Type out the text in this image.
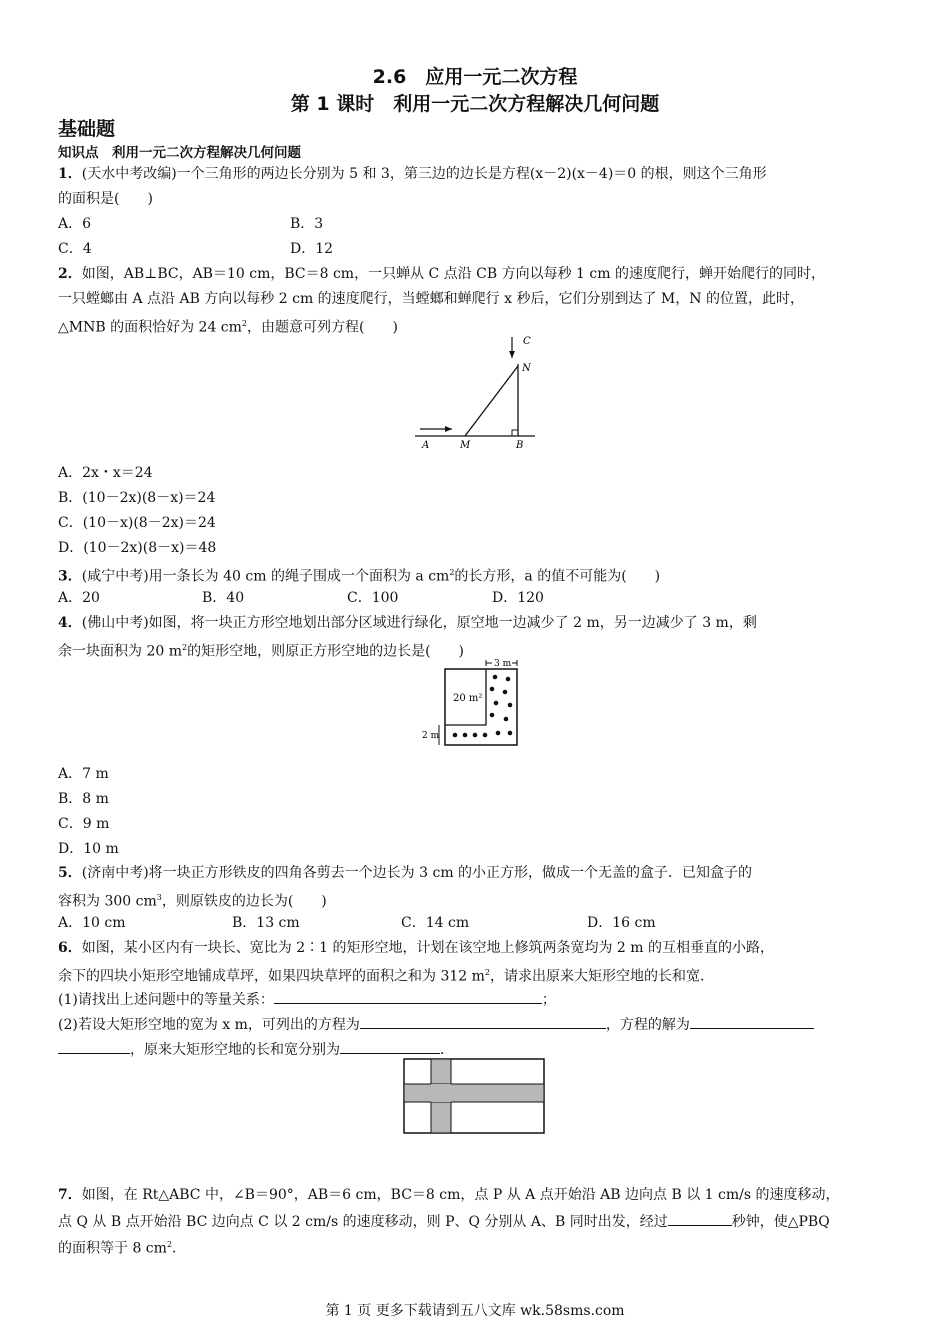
2.6　应用一元二次方程
第 1 课时　利用一元二次方程解决几何问题
基础题
知识点　利用一元二次方程解决几何问题
1．(天水中考改编)一个三角形的两边长分别为 5 和 3，第三边的边长是方程(x－2)(x－4)＝0 的根，则这个三角形
的面积是(　　)
A．6	B．3
C．4	D．12
2．如图，AB⊥BC，AB＝10 cm，BC＝8 cm，一只蝉从 C 点沿 CB 方向以每秒 1 cm 的速度爬行，蝉开始爬行的同时，
一只螳螂由 A 点沿 AB 方向以每秒 2 cm 的速度爬行，当螳螂和蝉爬行 x 秒后，它们分别到达了 M，N 的位置，此时，
△MNB 的面积恰好为 24 $cm^2$，由题意可列方程(　　)
A	M	B
N
C
A．2x・x＝24
B．(10－2x)(8－x)＝24
C．(10－x)(8－2x)＝24
D．(10－2x)(8－x)＝48
3．(咸宁中考)用一条长为 40 cm 的绳子围成一个面积为 a $cm^2$的长方形，a 的值不可能为(　　)
A．20	B．40	C．100	D．120
4．(佛山中考)如图，将一块正方形空地划出部分区域进行绿化，原空地一边减少了 2 m，另一边减少了 3 m，剩
余一块面积为 20 $m^2$的矩形空地，则原正方形空地的边长是(　　)
3 m
20 m²
2 m
A．7 m
B．8 m
C．9 m
D．10 m
5．(济南中考)将一块正方形铁皮的四角各剪去一个边长为 3 cm 的小正方形，做成一个无盖的盒子．已知盒子的
容积为 300 $cm^3$，则原铁皮的边长为(　　)
A．10 cm	B．13 cm	C．14 cm	D．16 cm
6．如图，某小区内有一块长、宽比为 2∶1 的矩形空地，计划在该空地上修筑两条宽均为 2 m 的互相垂直的小路，
余下的四块小矩形空地铺成草坪，如果四块草坪的面积之和为 312 $m^2$，请求出原来大矩形空地的长和宽．
(1)请找出上述问题中的等量关系：	；
(2)若设大矩形空地的宽为 x m，可列出的方程为	，方程的解为
，原来大矩形空地的长和宽分别为	．
7．如图，在 Rt△ABC 中，∠B＝90°，AB＝6 cm，BC＝8 cm，点 P 从 A 点开始沿 AB 边向点 B 以 1 cm/s 的速度移动，
点 Q 从 B 点开始沿 BC 边向点 C 以 2 cm/s 的速度移动，则 P、Q 分别从 A、B 同时出发，经过	秒钟，使△PBQ
的面积等于 8 $cm^2$．
第 1 页 更多下载请到五八文库 wk.58sms.com
